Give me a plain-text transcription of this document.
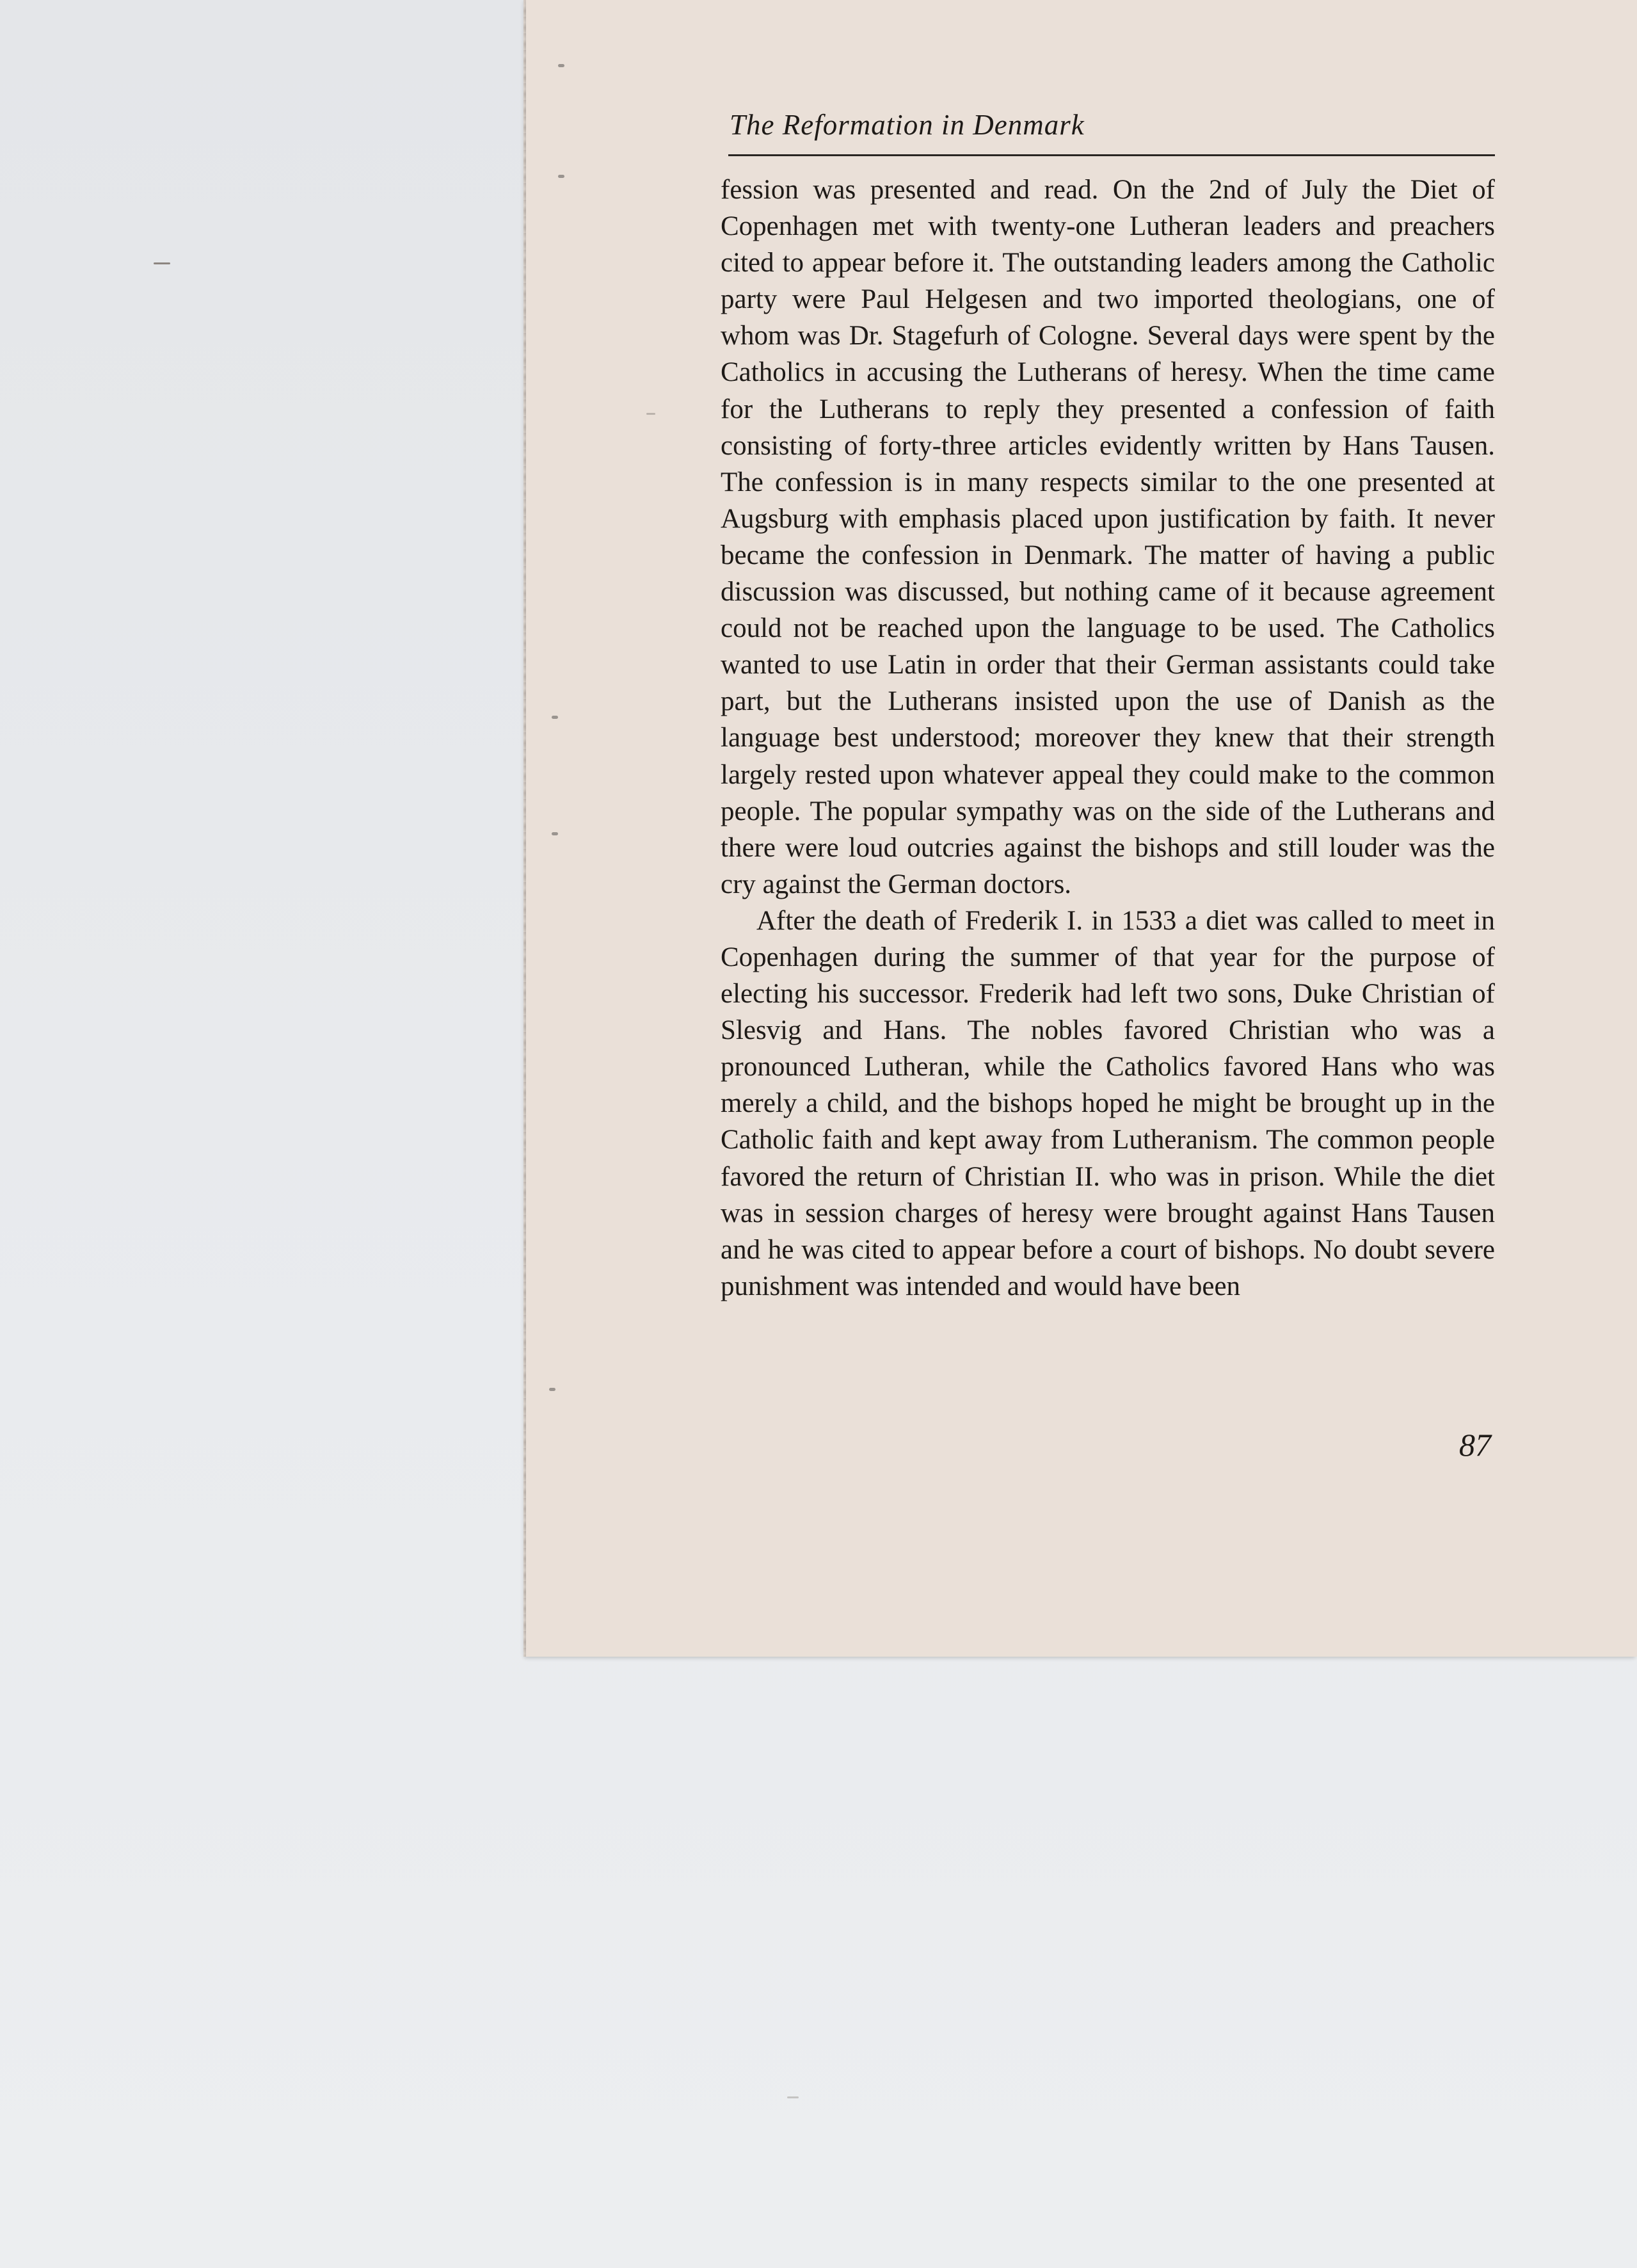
The Reformation in Denmark

fession was presented and read. On the 2nd of July the Diet of Copenhagen met with twenty-one Lutheran leaders and preachers cited to appear before it. The outstanding leaders among the Catholic party were Paul Helgesen and two imported theologians, one of whom was Dr. Stagefurh of Cologne. Several days were spent by the Catholics in accusing the Lutherans of heresy. When the time came for the Lutherans to reply they presented a confession of faith consisting of forty-three articles evidently written by Hans Tausen. The confession is in many respects similar to the one presented at Augsburg with emphasis placed upon justification by faith. It never became the confession in Denmark. The matter of having a public discussion was discussed, but nothing came of it because agreement could not be reached upon the language to be used. The Catholics wanted to use Latin in order that their German assistants could take part, but the Lutherans insisted upon the use of Danish as the language best understood; moreover they knew that their strength largely rested upon whatever appeal they could make to the common people. The popular sympathy was on the side of the Lutherans and there were loud outcries against the bishops and still louder was the cry against the German doctors.

After the death of Frederik I. in 1533 a diet was called to meet in Copenhagen during the summer of that year for the purpose of electing his successor. Frederik had left two sons, Duke Christian of Slesvig and Hans. The nobles favored Christian who was a pronounced Lutheran, while the Catholics favored Hans who was merely a child, and the bishops hoped he might be brought up in the Catholic faith and kept away from Lutheranism. The common people favored the return of Christian II. who was in prison. While the diet was in session charges of heresy were brought against Hans Tausen and he was cited to appear before a court of bishops. No doubt severe punishment was intended and would have been

87
